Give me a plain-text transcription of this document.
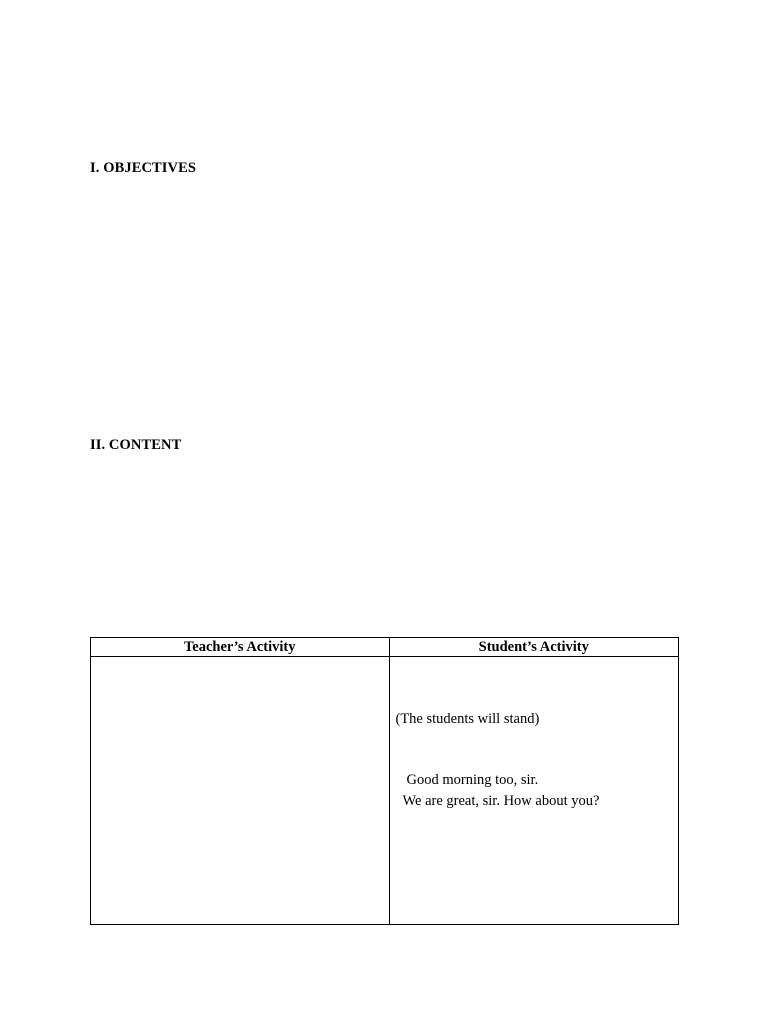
I. OBJECTIVES
II. CONTENT
Teacher’s Activity	Student’s Activity

	(The students will stand)
Good morning too, sir.
We are great, sir. How about you?
